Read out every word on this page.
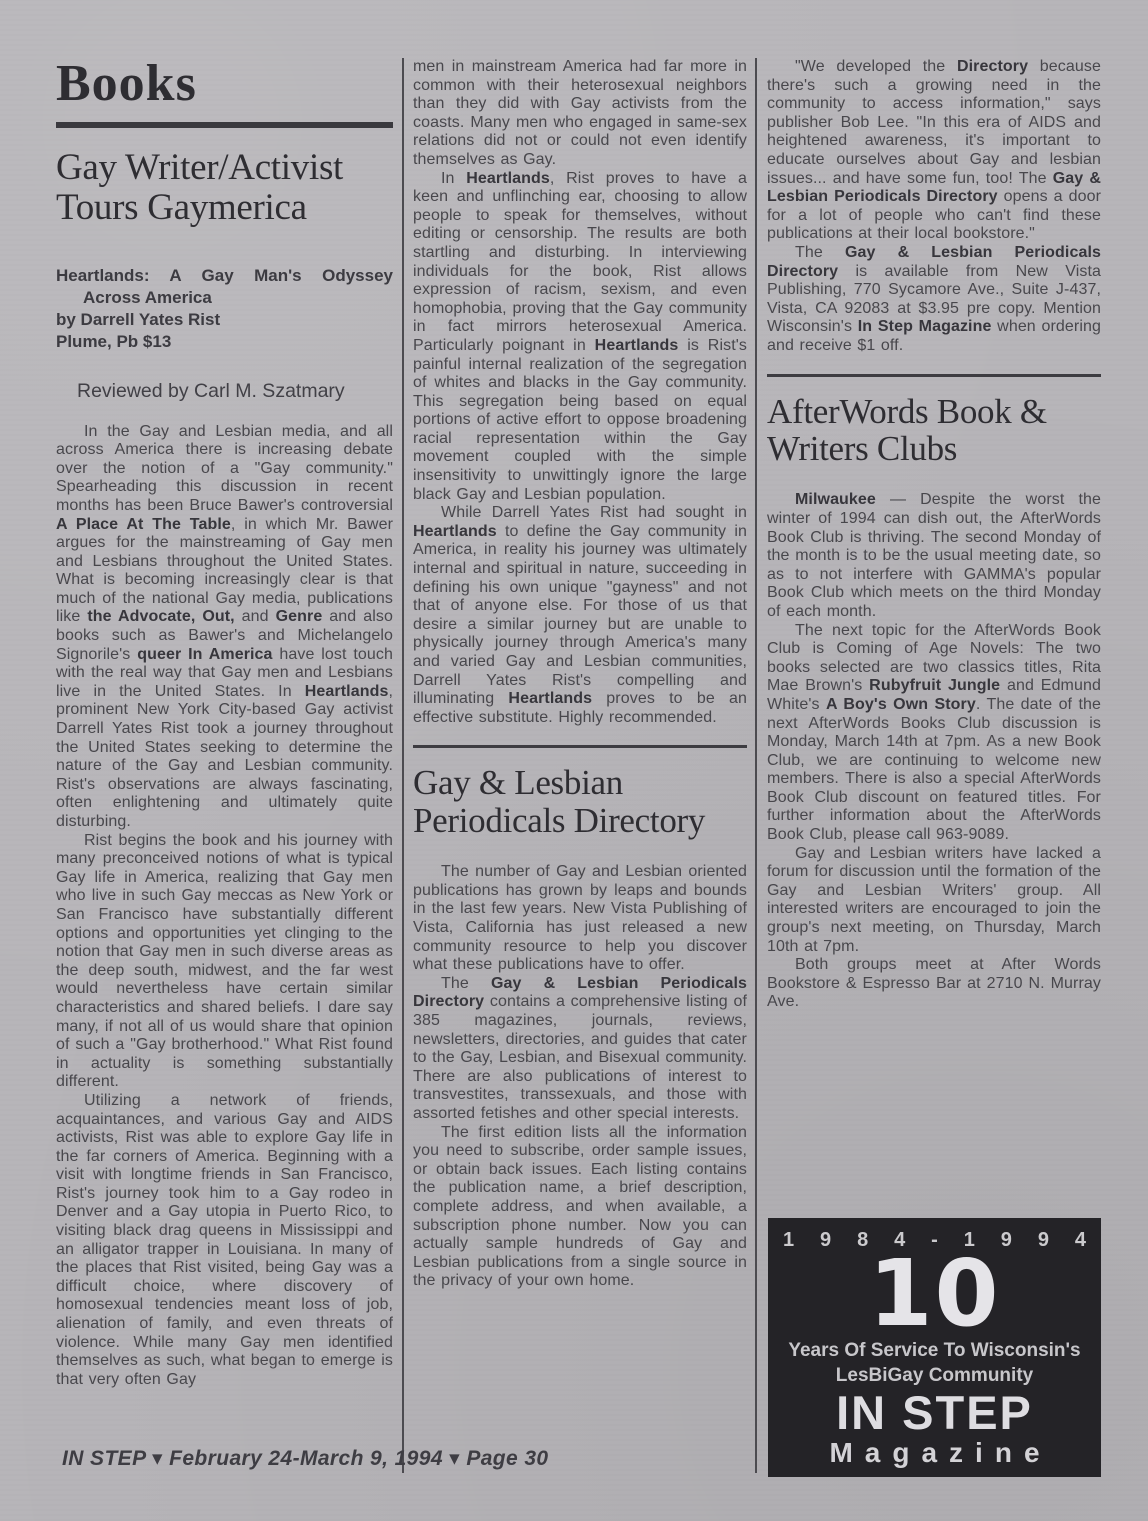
Books
Gay Writer/Activist
Tours Gaymerica
Heartlands: A Gay Man's Odyssey
Across America
by Darrell Yates Rist
Plume, Pb $13
Reviewed by Carl M. Szatmary

In the Gay and Lesbian media, and all across America there is increasing debate over the notion of a "Gay community." Spearheading this discussion in recent months has been Bruce Bawer's controversial A Place At The Table, in which Mr. Bawer argues for the mainstreaming of Gay men and Lesbians throughout the United States. What is becoming increasingly clear is that much of the national Gay media, publications like the Advocate, Out, and Genre and also books such as Bawer's and Michelangelo Signorile's queer In America have lost touch with the real way that Gay men and Lesbians live in the United States. In Heartlands, prominent New York City-based Gay activist Darrell Yates Rist took a journey throughout the United States seeking to determine the nature of the Gay and Lesbian community. Rist's observations are always fascinating, often enlightening and ultimately quite disturbing.

Rist begins the book and his journey with many preconceived notions of what is typical Gay life in America, realizing that Gay men who live in such Gay meccas as New York or San Francisco have substantially different options and opportunities yet clinging to the notion that Gay men in such diverse areas as the deep south, midwest, and the far west would nevertheless have certain similar characteristics and shared beliefs. I dare say many, if not all of us would share that opinion of such a "Gay brotherhood." What Rist found in actuality is something substantially different.

Utilizing a network of friends, acquaintances, and various Gay and AIDS activists, Rist was able to explore Gay life in the far corners of America. Beginning with a visit with longtime friends in San Francisco, Rist's journey took him to a Gay rodeo in Denver and a Gay utopia in Puerto Rico, to visiting black drag queens in Mississippi and an alligator trapper in Louisiana. In many of the places that Rist visited, being Gay was a difficult choice, where discovery of homosexual tendencies meant loss of job, alienation of family, and even threats of violence. While many Gay men identified themselves as such, what began to emerge is that very often Gay

men in mainstream America had far more in common with their heterosexual neighbors than they did with Gay activists from the coasts. Many men who engaged in same-sex relations did not or could not even identify themselves as Gay.

In Heartlands, Rist proves to have a keen and unflinching ear, choosing to allow people to speak for themselves, without editing or censorship. The results are both startling and disturbing. In interviewing individuals for the book, Rist allows expression of racism, sexism, and even homophobia, proving that the Gay community in fact mirrors heterosexual America. Particularly poignant in Heartlands is Rist's painful internal realization of the segregation of whites and blacks in the Gay community. This segregation being based on equal portions of active effort to oppose broadening racial representation within the Gay movement coupled with the simple insensitivity to unwittingly ignore the large black Gay and Lesbian population.

While Darrell Yates Rist had sought in Heartlands to define the Gay community in America, in reality his journey was ultimately internal and spiritual in nature, succeeding in defining his own unique "gayness" and not that of anyone else. For those of us that desire a similar journey but are unable to physically journey through America's many and varied Gay and Lesbian communities, Darrell Yates Rist's compelling and illuminating Heartlands proves to be an effective substitute. Highly recommended.

Gay & Lesbian
Periodicals Directory

The number of Gay and Lesbian oriented publications has grown by leaps and bounds in the last few years. New Vista Publishing of Vista, California has just released a new community resource to help you discover what these publications have to offer.

The Gay & Lesbian Periodicals Directory contains a comprehensive listing of 385 magazines, journals, reviews, newsletters, directories, and guides that cater to the Gay, Lesbian, and Bisexual community. There are also publications of interest to transvestites, transsexuals, and those with assorted fetishes and other special interests.

The first edition lists all the information you need to subscribe, order sample issues, or obtain back issues. Each listing contains the publication name, a brief description, complete address, and when available, a subscription phone number. Now you can actually sample hundreds of Gay and Lesbian publications from a single source in the privacy of your own home.

"We developed the Directory because there's such a growing need in the community to access information," says publisher Bob Lee. "In this era of AIDS and heightened awareness, it's important to educate ourselves about Gay and lesbian issues... and have some fun, too! The Gay & Lesbian Periodicals Directory opens a door for a lot of people who can't find these publications at their local bookstore."

The Gay & Lesbian Periodicals Directory is available from New Vista Publishing, 770 Sycamore Ave., Suite J-437, Vista, CA 92083 at $3.95 pre copy. Mention Wisconsin's In Step Magazine when ordering and receive $1 off.

AfterWords Book &
Writers Clubs

Milwaukee — Despite the worst the winter of 1994 can dish out, the AfterWords Book Club is thriving. The second Monday of the month is to be the usual meeting date, so as to not interfere with GAMMA's popular Book Club which meets on the third Monday of each month.

The next topic for the AfterWords Book Club is Coming of Age Novels: The two books selected are two classics titles, Rita Mae Brown's Rubyfruit Jungle and Edmund White's A Boy's Own Story. The date of the next AfterWords Books Club discussion is Monday, March 14th at 7pm. As a new Book Club, we are continuing to welcome new members. There is also a special AfterWords Book Club discount on featured titles. For further information about the AfterWords Book Club, please call 963-9089.

Gay and Lesbian writers have lacked a forum for discussion until the formation of the Gay and Lesbian Writers' group. All interested writers are encouraged to join the group's next meeting, on Thursday, March 10th at 7pm.

Both groups meet at After Words Bookstore & Espresso Bar at 2710 N. Murray Ave.

1 9 8 4 - 1 9 9 4
10
Years Of Service To Wisconsin's
LesBiGay Community
IN STEP
Magazine
IN STEP ▾ February 24-March 9, 1994 ▾ Page 30
